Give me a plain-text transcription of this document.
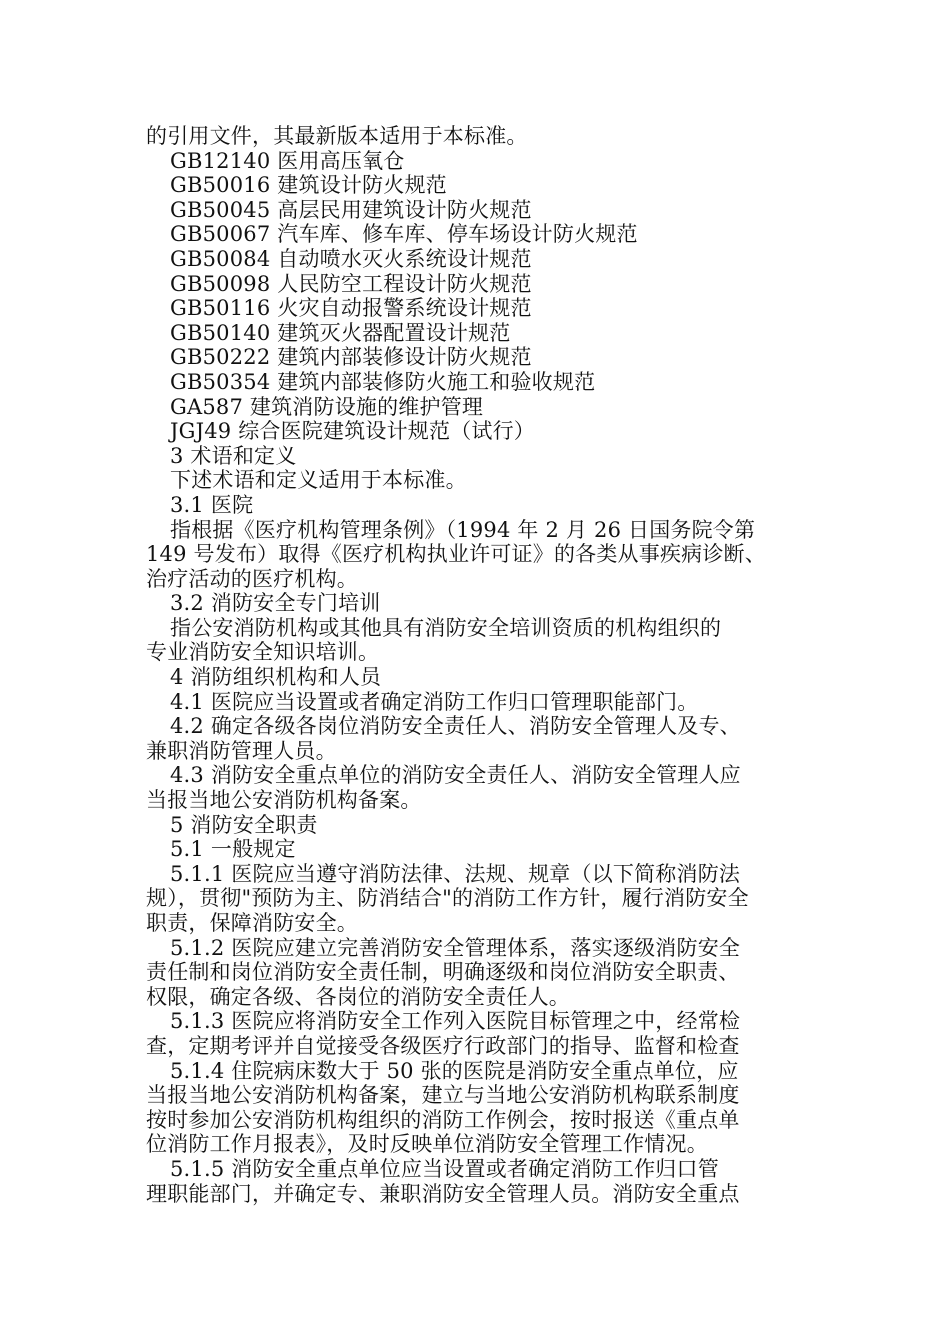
的引用文件，其最新版本适用于本标准。

GB12140 医用高压氧仓

GB50016 建筑设计防火规范

GB50045 高层民用建筑设计防火规范

GB50067 汽车库、修车库、停车场设计防火规范

GB50084 自动喷水灭火系统设计规范

GB50098 人民防空工程设计防火规范

GB50116 火灾自动报警系统设计规范

GB50140 建筑灭火器配置设计规范

GB50222 建筑内部装修设计防火规范

GB50354 建筑内部装修防火施工和验收规范

GA587 建筑消防设施的维护管理

JGJ49 综合医院建筑设计规范（试行）

3 术语和定义

下述术语和定义适用于本标准。

3.1 医院

指根据《医疗机构管理条例》（1994 年 2 月 26 日国务院令第

149 号发布）取得《医疗机构执业许可证》的各类从事疾病诊断、

治疗活动的医疗机构。

3.2 消防安全专门培训

指公安消防机构或其他具有消防安全培训资质的机构组织的

专业消防安全知识培训。

4 消防组织机构和人员

4.1 医院应当设置或者确定消防工作归口管理职能部门。

4.2 确定各级各岗位消防安全责任人、消防安全管理人及专、

兼职消防管理人员。

4.3 消防安全重点单位的消防安全责任人、消防安全管理人应

当报当地公安消防机构备案。

5 消防安全职责

5.1 一般规定

5.1.1 医院应当遵守消防法律、法规、规章（以下简称消防法

规），贯彻"预防为主、防消结合"的消防工作方针，履行消防安全

职责，保障消防安全。

5.1.2 医院应建立完善消防安全管理体系，落实逐级消防安全

责任制和岗位消防安全责任制，明确逐级和岗位消防安全职责、

权限，确定各级、各岗位的消防安全责任人。

5.1.3 医院应将消防安全工作列入医院目标管理之中，经常检

查，定期考评并自觉接受各级医疗行政部门的指导、监督和检查

5.1.4 住院病床数大于 50 张的医院是消防安全重点单位，应

当报当地公安消防机构备案，建立与当地公安消防机构联系制度

按时参加公安消防机构组织的消防工作例会，按时报送《重点单

位消防工作月报表》，及时反映单位消防安全管理工作情况。

5.1.5 消防安全重点单位应当设置或者确定消防工作归口管

理职能部门，并确定专、兼职消防安全管理人员。消防安全重点
